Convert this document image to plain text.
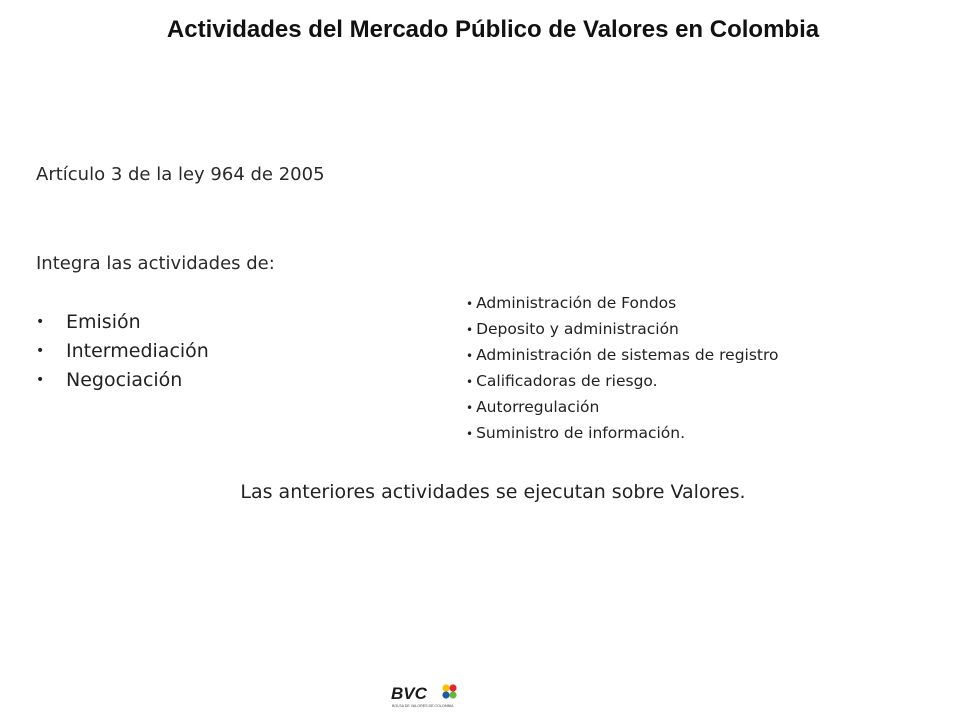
Actividades del Mercado Público de Valores en Colombia
Artículo 3 de la ley 964 de 2005
Integra las actividades de:
• Emisión
• Intermediación
• Negociación
• Administración de Fondos
• Deposito y administración
• Administración de sistemas de registro
• Calificadoras de riesgo.
• Autorregulación
• Suministro de información.
Las anteriores actividades se ejecutan sobre Valores.
BVC
BOLSA DE VALORES DE COLOMBIA
